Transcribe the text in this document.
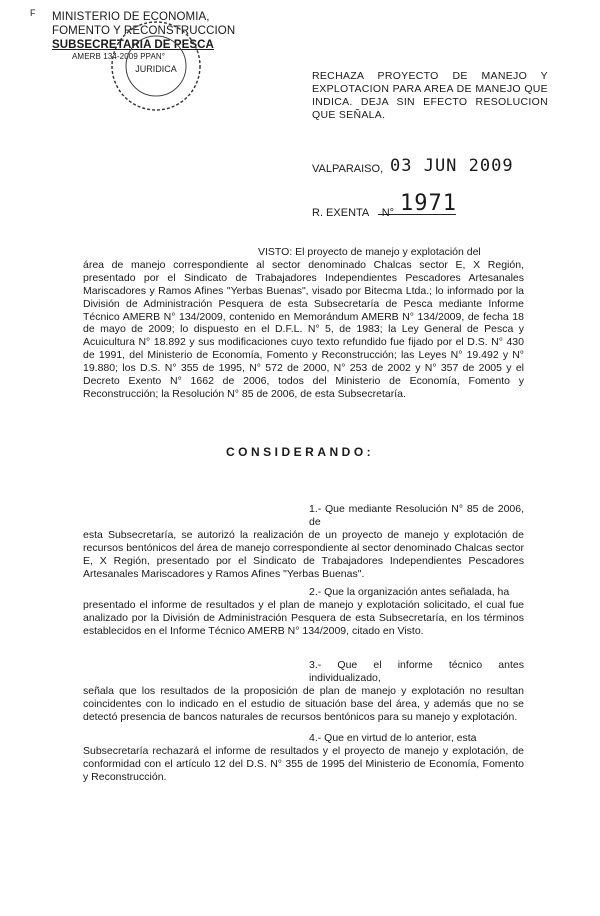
F MINISTERIO DE ECONOMIA,
FOMENTO Y RECONSTRUCCION
SUBSECRETARIA DE PESCA
AMERB 134-2009 PPAN°
JURIDICA
RECHAZA PROYECTO DE MANEJO Y EXPLOTACION PARA AREA DE MANEJO QUE INDICA. DEJA SIN EFECTO RESOLUCION QUE SEÑALA.
VALPARAISO, 03 JUN 2009
R. EXENTA N° 1971
VISTO: El proyecto de manejo y explotación del
área de manejo correspondiente al sector denominado Chalcas sector E, X Región, presentado por el Sindicato de Trabajadores Independientes Pescadores Artesanales Mariscadores y Ramos Afines "Yerbas Buenas", visado por Bitecma Ltda.; lo informado por la División de Administración Pesquera de esta Subsecretaría de Pesca mediante Informe Técnico AMERB N° 134/2009, contenido en Memorándum AMERB N° 134/2009, de fecha 18 de mayo de 2009; lo dispuesto en el D.F.L. N° 5, de 1983; la Ley General de Pesca y Acuicultura N° 18.892 y sus modificaciones cuyo texto refundido fue fijado por el D.S. N° 430 de 1991, del Ministerio de Economía, Fomento y Reconstrucción; las Leyes N° 19.492 y N° 19.880; los D.S. N° 355 de 1995, N° 572 de 2000, N° 253 de 2002 y N° 357 de 2005 y el Decreto Exento N° 1662 de 2006, todos del Ministerio de Economía, Fomento y Reconstrucción; la Resolución N° 85 de 2006, de esta Subsecretaría.
CONSIDERANDO:
1.- Que mediante Resolución N° 85 de 2006, de
esta Subsecretaría, se autorizó la realización de un proyecto de manejo y explotación de recursos bentónicos del área de manejo correspondiente al sector denominado Chalcas sector E, X Región, presentado por el Sindicato de Trabajadores Independientes Pescadores Artesanales Mariscadores y Ramos Afines "Yerbas Buenas".
2.- Que la organización antes señalada, ha
presentado el informe de resultados y el plan de manejo y explotación solicitado, el cual fue analizado por la División de Administración Pesquera de esta Subsecretaría, en los términos establecidos en el Informe Técnico AMERB N° 134/2009, citado en Visto.
3.- Que el informe técnico antes individualizado,
señala que los resultados de la proposición de plan de manejo y explotación no resultan coincidentes con lo indicado en el estudio de situación base del área, y además que no se detectó presencia de bancos naturales de recursos bentónicos para su manejo y explotación.
4.- Que en virtud de lo anterior, esta
Subsecretaría rechazará el informe de resultados y el proyecto de manejo y explotación, de conformidad con el artículo 12 del D.S. N° 355 de 1995 del Ministerio de Economía, Fomento y Reconstrucción.
